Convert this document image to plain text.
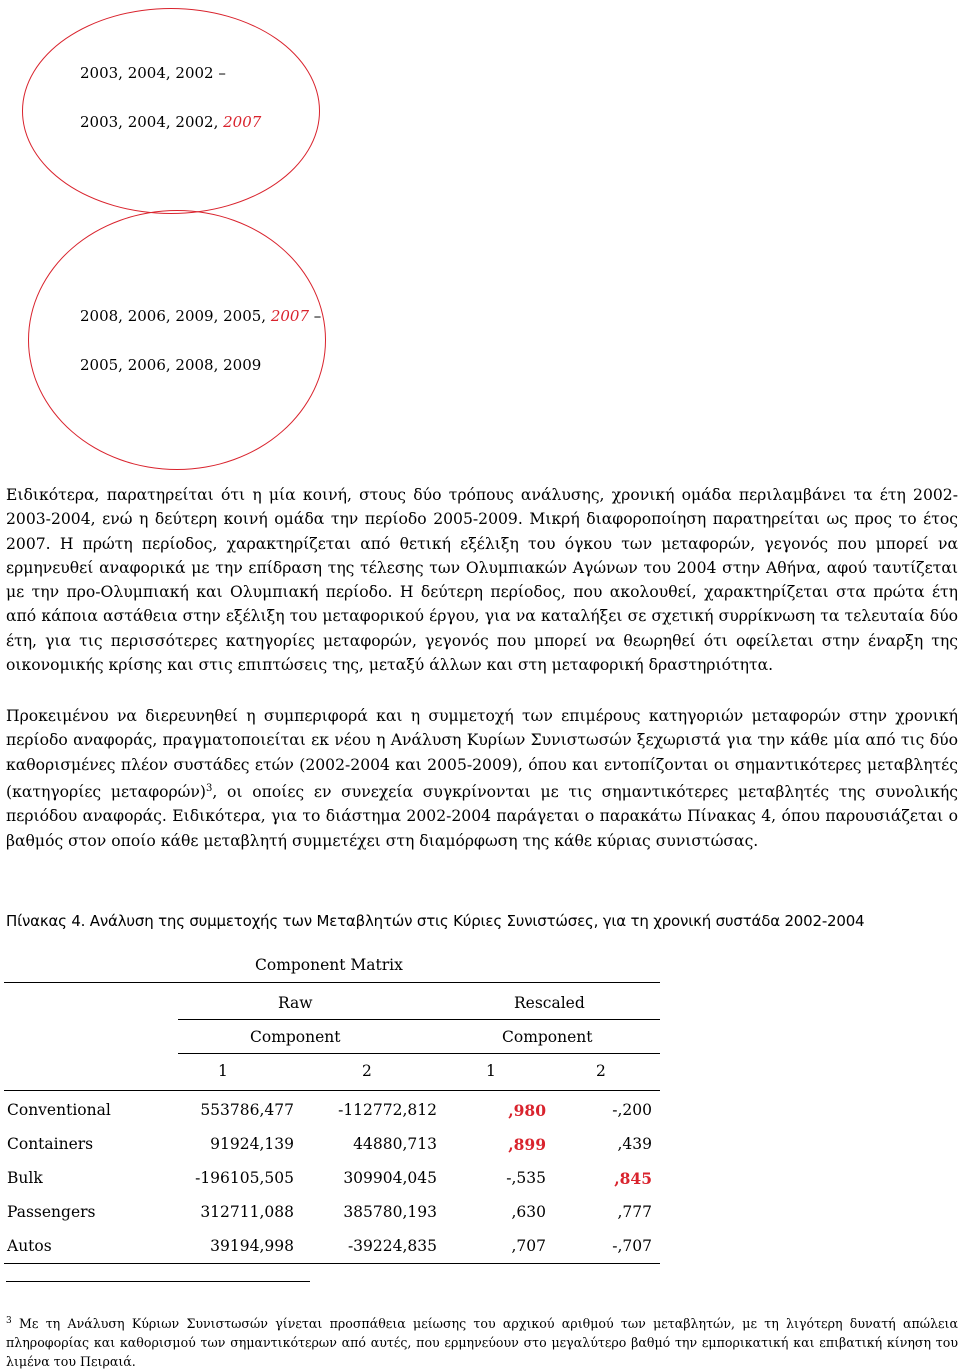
2003, 2004, 2002 –
2003, 2004, 2002, 2007
2008, 2006, 2009, 2005, 2007 –
2005, 2006, 2008, 2009

Ειδικότερα, παρατηρείται ότι η μία κοινή, στους δύο τρόπους ανάλυσης, χρονική ομάδα περιλαμβάνει τα έτη 2002-2003-2004, ενώ η δεύτερη κοινή ομάδα την περίοδο 2005-2009. Μικρή διαφοροποίηση παρατηρείται ως προς το έτος 2007. Η πρώτη περίοδος, χαρακτηρίζεται από θετική εξέλιξη του όγκου των μεταφορών, γεγονός που μπορεί να ερμηνευθεί αναφορικά με την επίδραση της τέλεσης των Ολυμπιακών Αγώνων του 2004 στην Αθήνα, αφού ταυτίζεται με την προ-Ολυμπιακή και Ολυμπιακή περίοδο. Η δεύτερη περίοδος, που ακολουθεί, χαρακτηρίζεται στα πρώτα έτη από κάποια αστάθεια στην εξέλιξη του μεταφορικού έργου, για να καταλήξει σε σχετική συρρίκνωση τα τελευταία δύο έτη, για τις περισσότερες κατηγορίες μεταφορών, γεγονός που μπορεί να θεωρηθεί ότι οφείλεται στην έναρξη της οικονομικής κρίσης και στις επιπτώσεις της, μεταξύ άλλων και στη μεταφορική δραστηριότητα.

Προκειμένου να διερευνηθεί η συμπεριφορά και η συμμετοχή των επιμέρους κατηγοριών μεταφορών στην χρονική περίοδο αναφοράς, πραγματοποιείται εκ νέου η Ανάλυση Κυρίων Συνιστωσών ξεχωριστά για την κάθε μία από τις δύο καθορισμένες πλέον συστάδες ετών (2002-2004 και 2005-2009), όπου και εντοπίζονται οι σημαντικότερες μεταβλητές (κατηγορίες μεταφορών)$^3$, οι οποίες εν συνεχεία συγκρίνονται με τις σημαντικότερες μεταβλητές της συνολικής περιόδου αναφοράς. Ειδικότερα, για το διάστημα 2002-2004 παράγεται ο παρακάτω Πίνακας 4, όπου παρουσιάζεται ο βαθμός στον οποίο κάθε μεταβλητή συμμετέχει στη διαμόρφωση της κάθε κύριας συνιστώσας.

Πίνακας 4. Ανάλυση της συμμετοχής των Μεταβλητών στις Κύριες Συνιστώσες, για τη χρονική συστάδα 2002-2004
Component Matrix
Raw	Rescaled
Component	Component
1	2	1	2
Conventional	553786,477	-112772,812	,980	-,200
Containers	91924,139	44880,713	,899	,439
Bulk	-196105,505	309904,045	-,535	,845
Passengers	312711,088	385780,193	,630	,777
Autos	39194,998	-39224,835	,707	-,707

$^3$ Με τη Ανάλυση Κύριων Συνιστωσών γίνεται προσπάθεια μείωσης του αρχικού αριθμού των μεταβλητών, με τη λιγότερη δυνατή απώλεια πληροφορίας και καθορισμού των σημαντικότερων από αυτές, που ερμηνεύουν στο μεγαλύτερο βαθμό την εμπορικατική και επιβατική κίνηση του λιμένα του Πειραιά.
